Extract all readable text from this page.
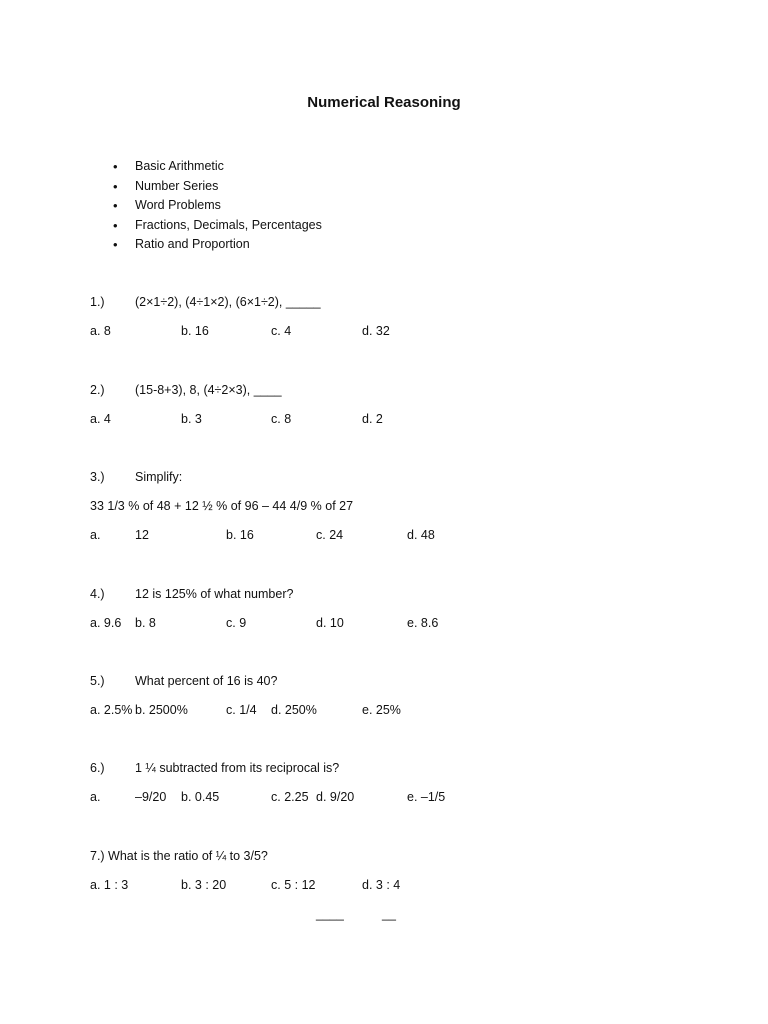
Numerical Reasoning
• Basic Arithmetic
• Number Series
• Word Problems
• Fractions, Decimals, Percentages
• Ratio and Proportion
1.) (2×1÷2), (4÷1×2), (6×1÷2), _____
a. 8	b. 16	c. 4	d. 32
2.) (15-8+3), 8, (4÷2×3), ____
a. 4	b. 3	c. 8	d. 2
3.) Simplify:
33 1/3 % of 48 + 12 ½ % of 96 – 44 4/9 % of 27
a.	12	b. 16	c. 24	d. 48
4.) 12 is 125% of what number?
a. 9.6 b. 8	c. 9	d. 10	e. 8.6
5.) What percent of 16 is 40?
a. 2.5% b. 2500%	c. 1/4 d. 250%	e. 25%
6.) 1 ¼ subtracted from its reciprocal is?
a.	–9/20 b. 0.45	c. 2.25 d. 9/20	e. –1/5
7.) What is the ratio of ¼ to 3/5?
a. 1 : 3	b. 3 : 20	c. 5 : 12	d. 3 : 4
____	__
